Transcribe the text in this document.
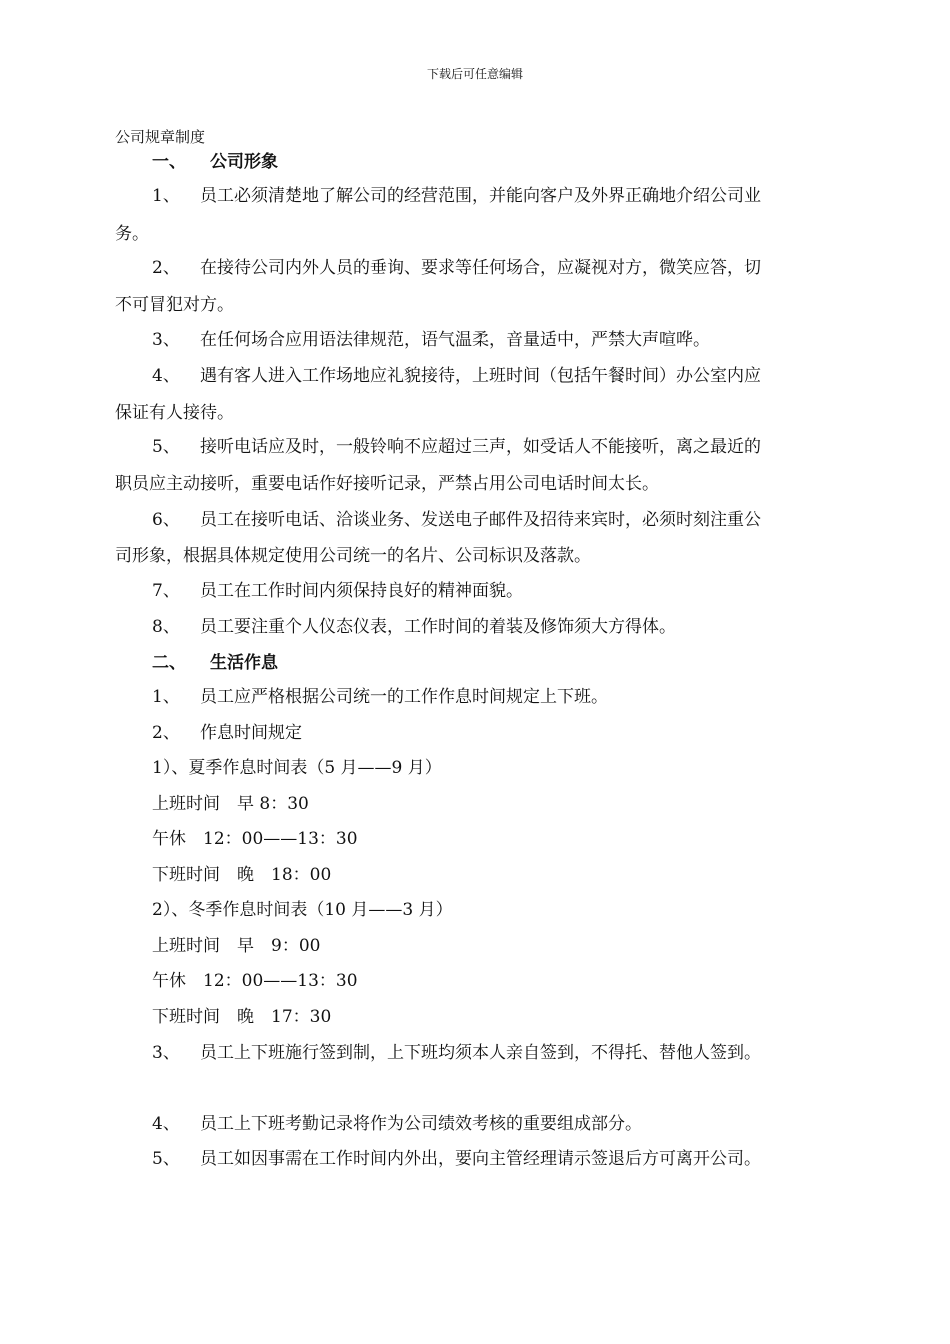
下载后可任意编辑
公司规章制度
一、 公司形象
1、 员工必须清楚地了解公司的经营范围，并能向客户及外界正确地介绍公司业
务。
2、 在接待公司内外人员的垂询、要求等任何场合，应凝视对方，微笑应答，切
不可冒犯对方。
3、 在任何场合应用语法律规范，语气温柔，音量适中，严禁大声喧哗。
4、 遇有客人进入工作场地应礼貌接待，上班时间（包括午餐时间）办公室内应
保证有人接待。
5、 接听电话应及时，一般铃响不应超过三声，如受话人不能接听，离之最近的
职员应主动接听，重要电话作好接听记录，严禁占用公司电话时间太长。
6、 员工在接听电话、洽谈业务、发送电子邮件及招待来宾时，必须时刻注重公
司形象，根据具体规定使用公司统一的名片、公司标识及落款。
7、 员工在工作时间内须保持良好的精神面貌。
8、 员工要注重个人仪态仪表，工作时间的着装及修饰须大方得体。
二、 生活作息
1、 员工应严格根据公司统一的工作作息时间规定上下班。
2、 作息时间规定
1）、夏季作息时间表（5 月——9 月）
上班时间　早 8：30
午休　12：00——13：30
下班时间　晚　18：00
2）、冬季作息时间表（10 月——3 月）
上班时间　早　9：00
午休　12：00——13：30
下班时间　晚　17：30
3、 员工上下班施行签到制，上下班均须本人亲自签到，不得托、替他人签到。
4、 员工上下班考勤记录将作为公司绩效考核的重要组成部分。
5、 员工如因事需在工作时间内外出，要向主管经理请示签退后方可离开公司。
